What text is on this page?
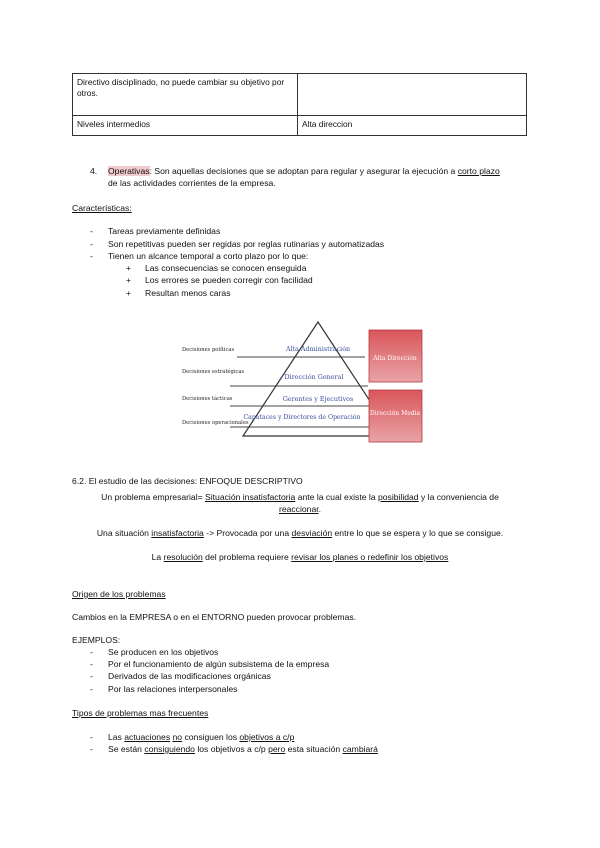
Directivo disciplinado, no puede cambiar su objetivo por otros.	
Niveles intermedios	Alta direccion
4. Operativas: Son aquellas decisiones que se adoptan para regular y asegurar la ejecución a corto plazo
de las actividades corrientes de la empresa.
Características:
- Tareas previamente definidas
- Son repetitivas pueden ser regidas por reglas rutinarias y automatizadas
- Tienen un alcance temporal a corto plazo por lo que:
+ Las consecuencias se conocen enseguida
+ Los errores se pueden corregir con facilidad
+ Resultan menos caras
Decisiones políticas
Decisiones estratégicas
Decisiones tácticas
Decisiones operacionales
Alta Administración
Dirección General
Gerentes y Ejecutivos
Capataces y Directores de Operación
Alta Dirección
Dirección Media
6.2. El estudio de las decisiones: ENFOQUE DESCRIPTIVO
Un problema empresarial= Situación insatisfactoria ante la cual existe la posibilidad y la conveniencia de
reaccionar.
Una situación insatisfactoria -> Provocada por una desviación entre lo que se espera y lo que se consigue.
La resolución del problema requiere revisar los planes o redefinir los objetivos
Origen de los problemas
Cambios en la EMPRESA o en el ENTORNO pueden provocar problemas.
EJEMPLOS:
- Se producen en los objetivos
- Por el funcionamiento de algún subsistema de la empresa
- Derivados de las modificaciones orgánicas
- Por las relaciones interpersonales
Tipos de problemas mas frecuentes
- Las actuaciones no consiguen los objetivos a c/p
- Se están consiguiendo los objetivos a c/p pero esta situación cambiará
